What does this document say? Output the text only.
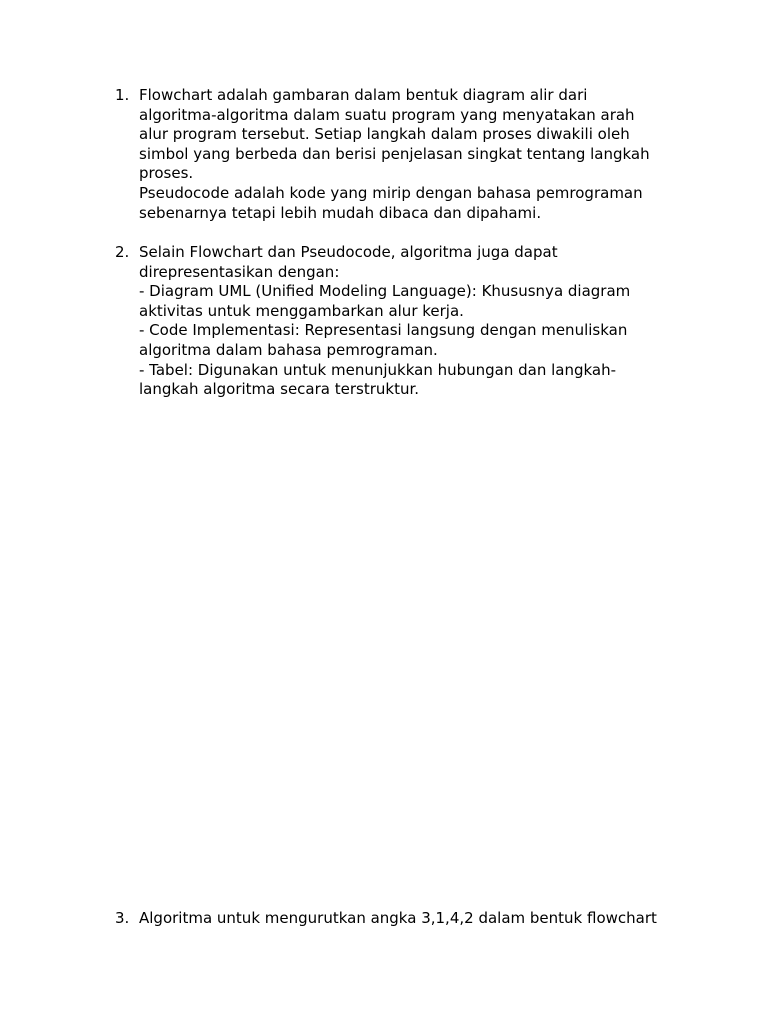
1. Flowchart adalah gambaran dalam bentuk diagram alir dari
algoritma-algoritma dalam suatu program yang menyatakan arah
alur program tersebut. Setiap langkah dalam proses diwakili oleh
simbol yang berbeda dan berisi penjelasan singkat tentang langkah
proses.
Pseudocode adalah kode yang mirip dengan bahasa pemrograman
sebenarnya tetapi lebih mudah dibaca dan dipahami.
2. Selain Flowchart dan Pseudocode, algoritma juga dapat
direpresentasikan dengan:
- Diagram UML (Unified Modeling Language): Khususnya diagram
aktivitas untuk menggambarkan alur kerja.
- Code Implementasi: Representasi langsung dengan menuliskan
algoritma dalam bahasa pemrograman.
- Tabel: Digunakan untuk menunjukkan hubungan dan langkah-
langkah algoritma secara terstruktur.
3. Algoritma untuk mengurutkan angka 3,1,4,2 dalam bentuk flowchart
